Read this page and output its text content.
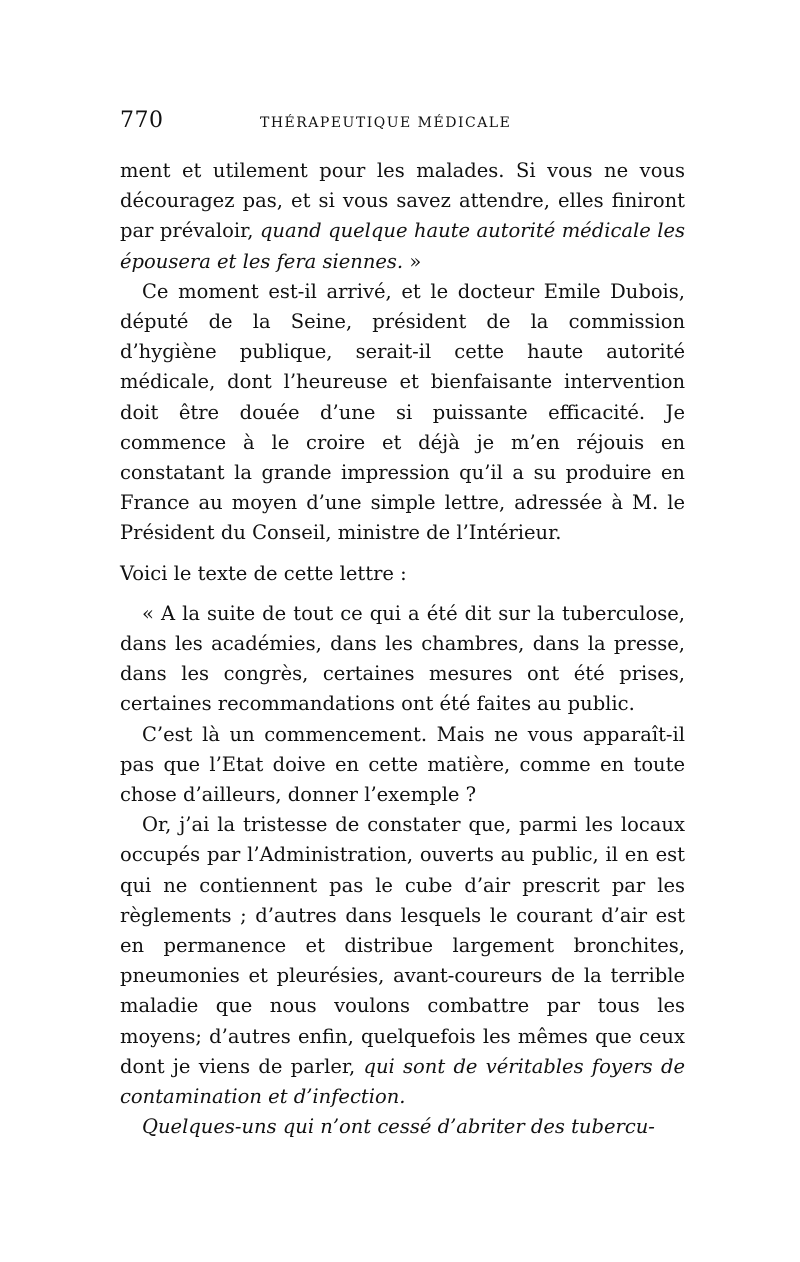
770	THÉRAPEUTIQUE MÉDICALE

ment et utilement pour les malades. Si vous ne vous découragez pas, et si vous savez attendre, elles finiront par prévaloir, quand quelque haute autorité médicale les épousera et les fera siennes. »

Ce moment est-il arrivé, et le docteur Emile Dubois, député de la Seine, président de la commission d’hygiène publique, serait-il cette haute autorité médicale, dont l’heureuse et bienfaisante intervention doit être douée d’une si puissante efficacité. Je commence à le croire et déjà je m’en réjouis en constatant la grande impression qu’il a su produire en France au moyen d’une simple lettre, adressée à M. le Président du Conseil, ministre de l’Intérieur.

Voici le texte de cette lettre :

« A la suite de tout ce qui a été dit sur la tuberculose, dans les académies, dans les chambres, dans la presse, dans les congrès, certaines mesures ont été prises, certaines recommandations ont été faites au public.

C’est là un commencement. Mais ne vous apparaît-il pas que l’Etat doive en cette matière, comme en toute chose d’ailleurs, donner l’exemple ?

Or, j’ai la tristesse de constater que, parmi les locaux occupés par l’Administration, ouverts au public, il en est qui ne contiennent pas le cube d’air prescrit par les règlements ; d’autres dans lesquels le courant d’air est en permanence et distribue largement bronchites, pneumonies et pleurésies, avant-coureurs de la terrible maladie que nous voulons combattre par tous les moyens; d’autres enfin, quelquefois les mêmes que ceux dont je viens de parler, qui sont de véritables foyers de contamination et d’infection.

Quelques-uns qui n’ont cessé d’abriter des tubercu-
